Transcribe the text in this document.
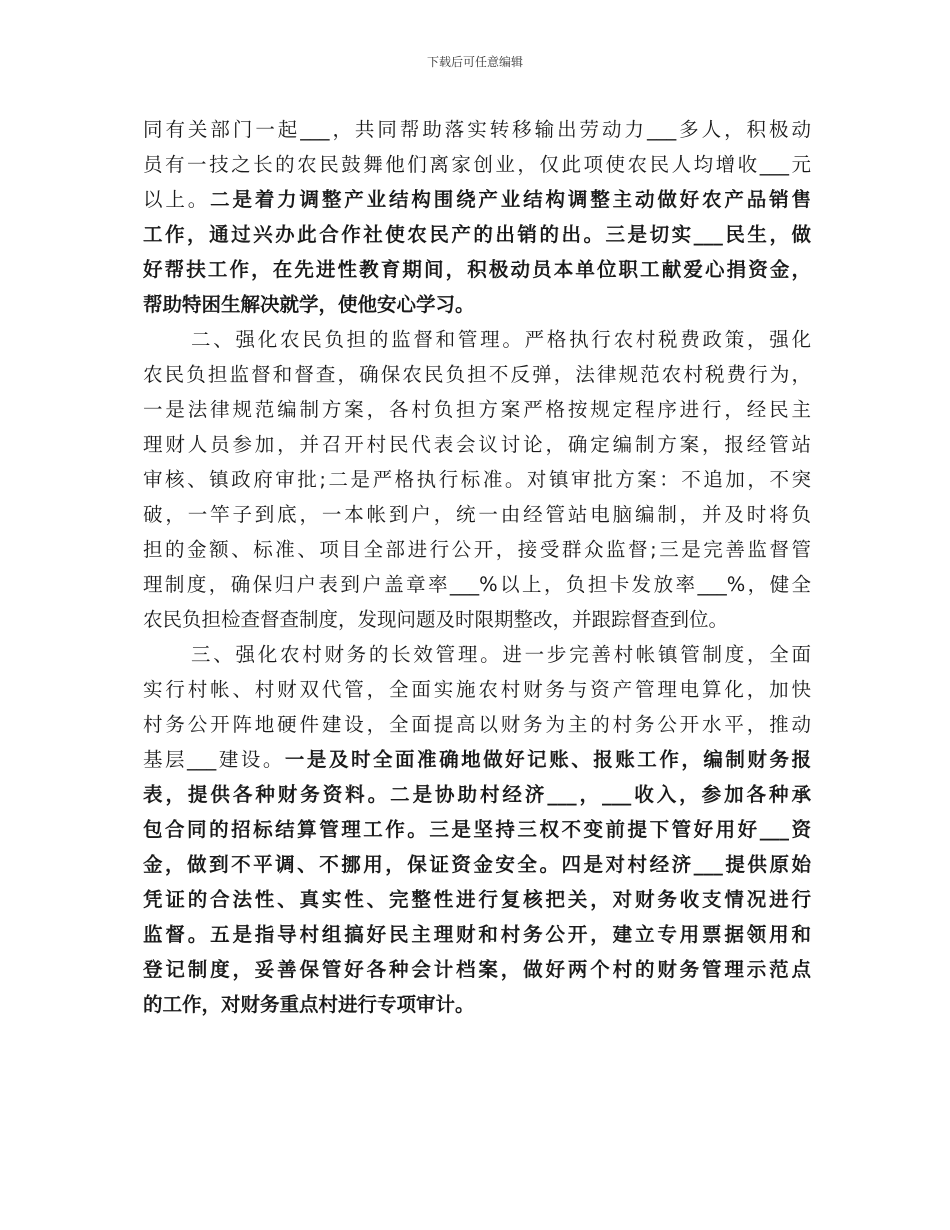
下载后可任意编辑
同有关部门一起___，共同帮助落实转移输出劳动力___多人，积极动
员有一技之长的农民鼓舞他们离家创业，仅此项使农民人均增收___元
以上。二是着力调整产业结构围绕产业结构调整主动做好农产品销售
工作，通过兴办此合作社使农民产的出销的出。三是切实___民生，做
好帮扶工作，在先进性教育期间，积极动员本单位职工献爱心捐资金，
帮助特困生解决就学，使他安心学习。
二、强化农民负担的监督和管理。严格执行农村税费政策，强化
农民负担监督和督查，确保农民负担不反弹，法律规范农村税费行为，
一是法律规范编制方案，各村负担方案严格按规定程序进行，经民主
理财人员参加，并召开村民代表会议讨论，确定编制方案，报经管站
审核、镇政府审批;二是严格执行标准。对镇审批方案：不追加，不突
破，一竿子到底，一本帐到户，统一由经管站电脑编制，并及时将负
担的金额、标准、项目全部进行公开，接受群众监督;三是完善监督管
理制度，确保归户表到户盖章率___%以上，负担卡发放率___%，健全
农民负担检查督查制度，发现问题及时限期整改，并跟踪督查到位。
三、强化农村财务的长效管理。进一步完善村帐镇管制度，全面
实行村帐、村财双代管，全面实施农村财务与资产管理电算化，加快
村务公开阵地硬件建设，全面提高以财务为主的村务公开水平，推动
基层___建设。一是及时全面准确地做好记账、报账工作，编制财务报
表，提供各种财务资料。二是协助村经济___，___收入，参加各种承
包合同的招标结算管理工作。三是坚持三权不变前提下管好用好___资
金，做到不平调、不挪用，保证资金安全。四是对村经济___提供原始
凭证的合法性、真实性、完整性进行复核把关，对财务收支情况进行
监督。五是指导村组搞好民主理财和村务公开，建立专用票据领用和
登记制度，妥善保管好各种会计档案，做好两个村的财务管理示范点
的工作，对财务重点村进行专项审计。
